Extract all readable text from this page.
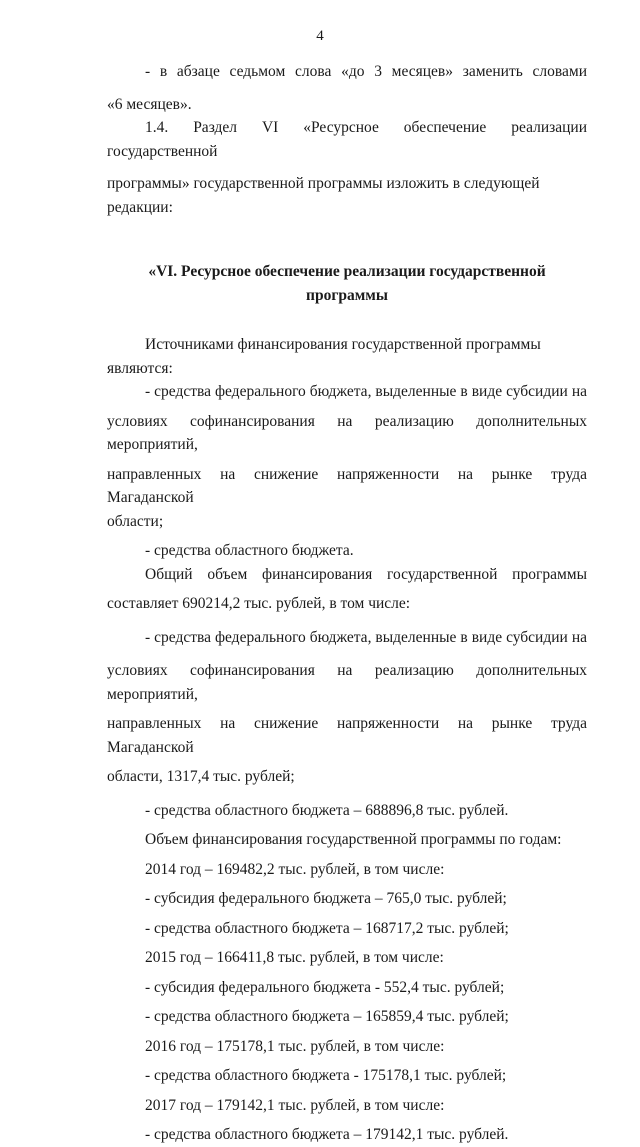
4

- в абзаце седьмом слова «до 3 месяцев» заменить словами

«6 месяцев».

1.4. Раздел VI «Ресурсное обеспечение реализации государственной

программы» государственной программы изложить в следующей редакции:

«VI. Ресурсное обеспечение реализации государственной программы

Источниками финансирования государственной программы являются:

- средства федерального бюджета, выделенные в виде субсидии на

условиях софинансирования на реализацию дополнительных мероприятий,

направленных на снижение напряженности на рынке труда Магаданской

области;

- средства областного бюджета.

Общий объем финансирования государственной программы

составляет 690214,2 тыс. рублей, в том числе:

- средства федерального бюджета, выделенные в виде субсидии на

условиях софинансирования на реализацию дополнительных мероприятий,

направленных на снижение напряженности на рынке труда Магаданской

области, 1317,4 тыс. рублей;

- средства областного бюджета – 688896,8 тыс. рублей.

Объем финансирования государственной программы по годам:

2014 год – 169482,2 тыс. рублей, в том числе:

- субсидия федерального бюджета – 765,0 тыс. рублей;

- средства областного бюджета – 168717,2 тыс. рублей;

2015 год – 166411,8 тыс. рублей, в том числе:

- субсидия федерального бюджета - 552,4 тыс. рублей;

- средства областного бюджета – 165859,4 тыс. рублей;

2016 год – 175178,1 тыс. рублей, в том числе:

- средства областного бюджета - 175178,1 тыс. рублей;

2017 год – 179142,1 тыс. рублей, в том числе:

- средства областного бюджета – 179142,1 тыс. рублей.
